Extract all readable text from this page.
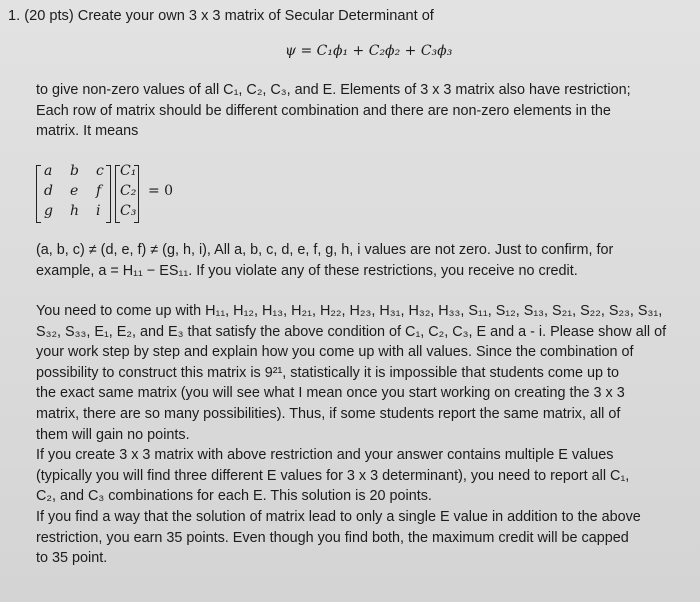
1. (20 pts) Create your own 3 x 3 matrix of Secular Determinant of
ψ = C₁ϕ₁ + C₂ϕ₂ + C₃ϕ₃
to give non-zero values of all C₁, C₂, C₃, and E. Elements of 3 x 3 matrix also have restriction;
Each row of matrix should be different combination and there are non-zero elements in the
matrix. It means
a b c
d e f
g h i
C₁
C₂
C₃
= 0
(a, b, c) ≠ (d, e, f) ≠ (g, h, i), All a, b, c, d, e, f, g, h, i values are not zero. Just to confirm, for
example, a = H₁₁ − ES₁₁. If you violate any of these restrictions, you receive no credit.
You need to come up with H₁₁, H₁₂, H₁₃, H₂₁, H₂₂, H₂₃, H₃₁, H₃₂, H₃₃, S₁₁, S₁₂, S₁₃, S₂₁, S₂₂, S₂₃, S₃₁,
S₃₂, S₃₃, E₁, E₂, and E₃ that satisfy the above condition of C₁, C₂, C₃, E and a - i. Please show all of
your work step by step and explain how you come up with all values. Since the combination of
possibility to construct this matrix is 9²¹, statistically it is impossible that students come up to
the exact same matrix (you will see what I mean once you start working on creating the 3 x 3
matrix, there are so many possibilities). Thus, if some students report the same matrix, all of
them will gain no points.
If you create 3 x 3 matrix with above restriction and your answer contains multiple E values
(typically you will find three different E values for 3 x 3 determinant), you need to report all C₁,
C₂, and C₃ combinations for each E. This solution is 20 points.
If you find a way that the solution of matrix lead to only a single E value in addition to the above
restriction, you earn 35 points. Even though you find both, the maximum credit will be capped
to 35 point.
